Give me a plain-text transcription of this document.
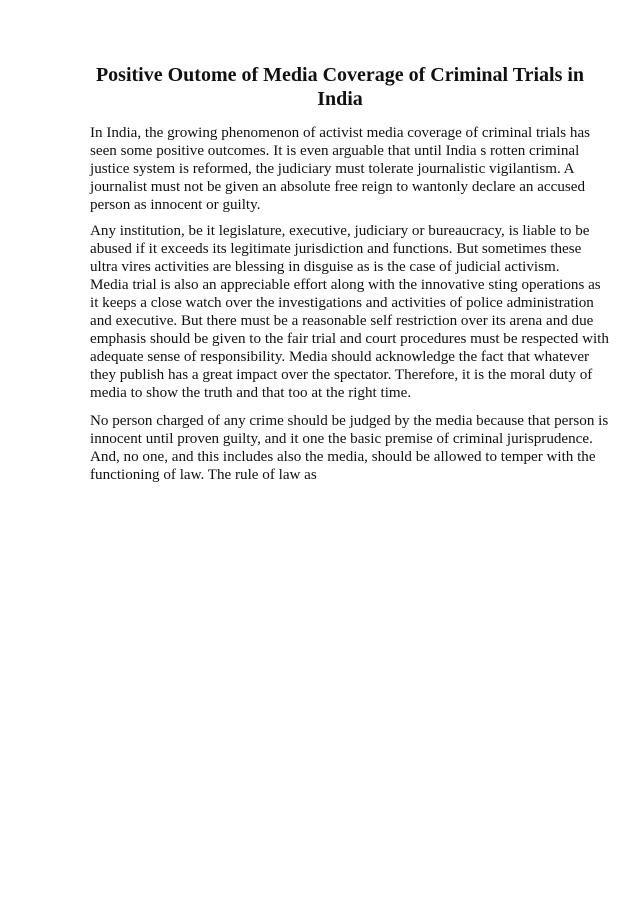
Positive Outome of Media Coverage of Criminal Trials in
India

In India, the growing phenomenon of activist media coverage of criminal trials has
seen some positive outcomes. It is even arguable that until India s rotten criminal
justice system is reformed, the judiciary must tolerate journalistic vigilantism. A
journalist must not be given an absolute free reign to wantonly declare an accused
person as innocent or guilty.

Any institution, be it legislature, executive, judiciary or bureaucracy, is liable to be
abused if it exceeds its legitimate jurisdiction and functions. But sometimes these
ultra vires activities are blessing in disguise as is the case of judicial activism.
Media trial is also an appreciable effort along with the innovative sting operations as
it keeps a close watch over the investigations and activities of police administration
and executive. But there must be a reasonable self restriction over its arena and due
emphasis should be given to the fair trial and court procedures must be respected with
adequate sense of responsibility. Media should acknowledge the fact that whatever
they publish has a great impact over the spectator. Therefore, it is the moral duty of
media to show the truth and that too at the right time.

No person charged of any crime should be judged by the media because that person is
innocent until proven guilty, and it one the basic premise of criminal jurisprudence.
And, no one, and this includes also the media, should be allowed to temper with the
functioning of law. The rule of law as
